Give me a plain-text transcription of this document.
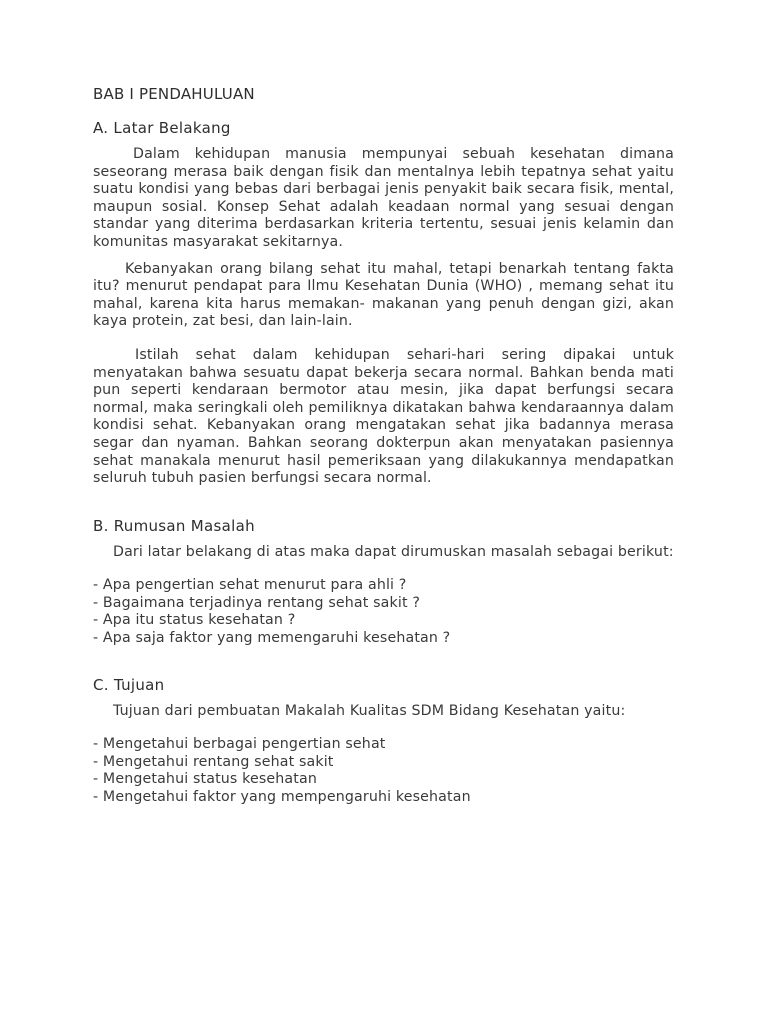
BAB I PENDAHULUAN
A. Latar Belakang

Dalam kehidupan manusia mempunyai sebuah kesehatan dimana seseorang merasa baik dengan fisik dan mentalnya lebih tepatnya sehat yaitu suatu kondisi yang bebas dari berbagai jenis penyakit baik secara fisik, mental, maupun sosial. Konsep Sehat adalah keadaan normal yang sesuai dengan standar yang diterima berdasarkan kriteria tertentu, sesuai jenis kelamin dan komunitas masyarakat sekitarnya.

Kebanyakan orang bilang sehat itu mahal, tetapi benarkah tentang fakta itu? menurut pendapat para Ilmu Kesehatan Dunia (WHO) , memang sehat itu mahal, karena kita harus memakan- makanan yang penuh dengan gizi, akan kaya protein, zat besi, dan lain-lain.

Istilah sehat dalam kehidupan sehari-hari sering dipakai untuk menyatakan bahwa sesuatu dapat bekerja secara normal. Bahkan benda mati pun seperti kendaraan bermotor atau mesin, jika dapat berfungsi secara normal, maka seringkali oleh pemiliknya dikatakan bahwa kendaraannya dalam kondisi sehat. Kebanyakan orang mengatakan sehat jika badannya merasa segar dan nyaman. Bahkan seorang dokterpun akan menyatakan pasiennya sehat manakala menurut hasil pemeriksaan yang dilakukannya mendapatkan seluruh tubuh pasien berfungsi secara normal.

B. Rumusan Masalah

Dari latar belakang di atas maka dapat dirumuskan masalah sebagai berikut:

- Apa pengertian sehat menurut para ahli ?
- Bagaimana terjadinya rentang sehat sakit ?
- Apa itu status kesehatan ?
- Apa saja faktor yang memengaruhi kesehatan ?
C. Tujuan

Tujuan dari pembuatan Makalah Kualitas SDM Bidang Kesehatan yaitu:

- Mengetahui berbagai pengertian sehat
- Mengetahui rentang sehat sakit
- Mengetahui status kesehatan
- Mengetahui faktor yang mempengaruhi kesehatan
